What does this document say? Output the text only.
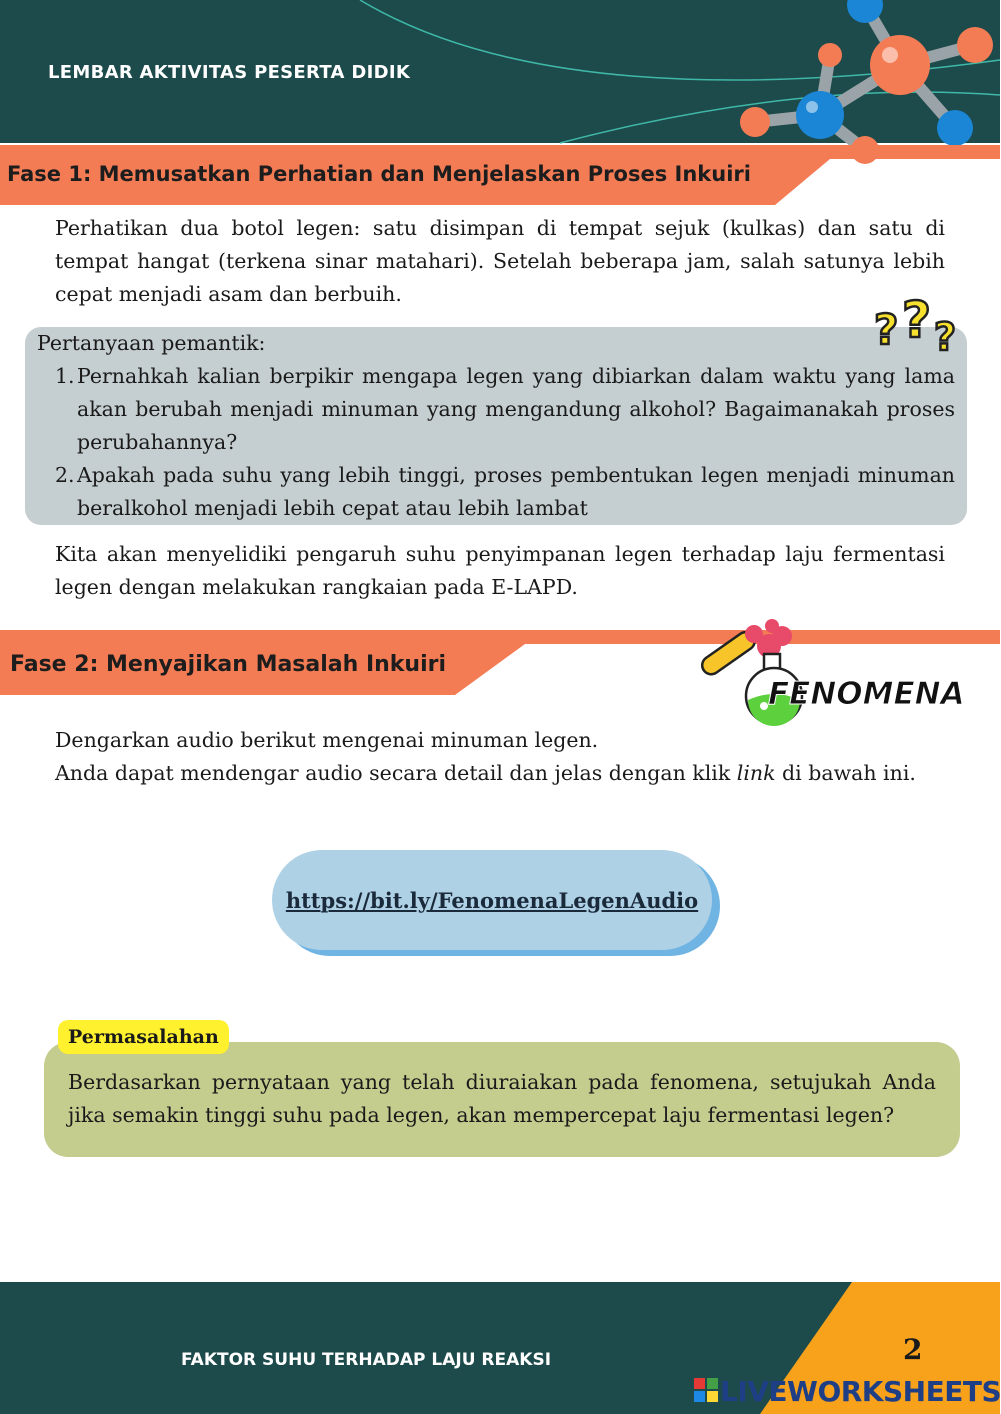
LEMBAR AKTIVITAS PESERTA DIDIK
Fase 1: Memusatkan Perhatian dan Menjelaskan Proses Inkuiri
Perhatikan dua botol legen: satu disimpan di tempat sejuk (kulkas) dan satu di tempat hangat (terkena sinar matahari). Setelah beberapa jam, salah satunya lebih cepat menjadi asam dan berbuih.
Pertanyaan pemantik:
1. Pernahkah kalian berpikir mengapa legen yang dibiarkan dalam waktu yang lama akan berubah menjadi minuman yang mengandung alkohol? Bagaimanakah proses perubahannya?
2. Apakah pada suhu yang lebih tinggi, proses pembentukan legen menjadi minuman beralkohol menjadi lebih cepat atau lebih lambat
? ? ?
Kita akan menyelidiki pengaruh suhu penyimpanan legen terhadap laju fermentasi legen dengan melakukan rangkaian pada E-LAPD.
Fase 2: Menyajikan Masalah Inkuiri
FENOMENA
Dengarkan audio berikut mengenai minuman legen.
Anda dapat mendengar audio secara detail dan jelas dengan klik link di bawah ini.
https://bit.ly/FenomenaLegenAudio
Berdasarkan pernyataan yang telah diuraiakan pada fenomena, setujukah Anda jika semakin tinggi suhu pada legen, akan mempercepat laju fermentasi legen?
Permasalahan
FAKTOR SUHU TERHADAP LAJU REAKSI	2
LIVEWORKSHEETS
